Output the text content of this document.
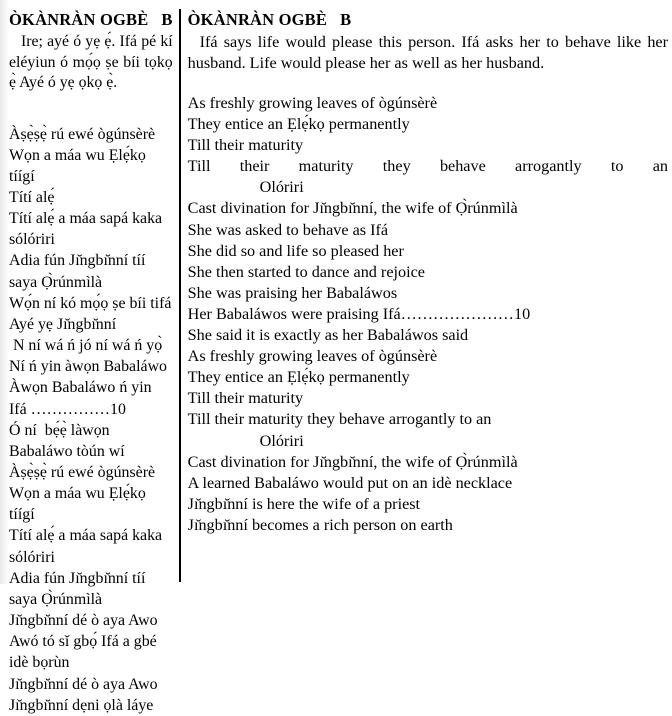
ÒKÀNRÀN OGBÈ   B

Ire; ayé ó yẹ ẹ́. Ifá pé kí eléyiun ó mọ́ọ ṣe bíi tọkọ ẹ̀ Ayé ó yẹ ọkọ ẹ̀.

Àṣẹ̀ṣẹ̀ rú ewé ògúnsèrè
Wọn a máa wu Ẹlẹ́kọ tíígí
Títí alẹ́
Títí alẹ́ a máa sapá kaka sólóriri
Adia fún Jı̆ngbı̆nní tíí saya Ọ̀rúnmìlà
Wọ́n ní kó mọ́ọ ṣe bíi tifá
Ayé yẹ Jı̆ngbı̆nní
N ní wá ń jó ní wá ń yọ̀
Ní ń yin àwọn Babaláwo
Àwọn Babaláwo ń yin Ifá ……………10
Ó ní  bẹ́ẹ̀ làwọn Babaláwo tòún wí
Àṣẹ̀ṣẹ̀ rú ewé ògúnsèrè
Wọn a máa wu Ẹlẹ́kọ tíígí
Títí alẹ́ a máa sapá kaka sólóriri
Adia fún Jı̆ngbı̆nní tíí saya Ọ̀rúnmìlà
Jı̆ngbı̆nní dé ò aya Awo
Awó tó sǐ gbọ́ Ifá a gbé idè bọrùn
Jı̆ngbı̆nní dé ò aya Awo
Jı̆ngbı̆nní dẹni ọlà láye
ÒKÀNRÀN OGBÈ   B

Ifá says life would please this person. Ifá asks her to behave like her husband. Life would please her as well as her husband.

As freshly growing leaves of ògúnsèrè
They entice an Ẹlẹ́kọ permanently
Till their maturity
Till their maturity they behave arrogantly to an
Olóriri
Cast divination for Jı̆ngbı̆nní, the wife of Ọ̀rúnmìlà
She was asked to behave as Ifá
She did so and life so pleased her
She then started to dance and rejoice
She was praising her Babaláwos
Her Babaláwos were praising Ifá…………………10
She said it is exactly as her Babaláwos said
As freshly growing leaves of ògúnsèrè
They entice an Ẹlẹ́kọ permanently
Till their maturity
Till their maturity they behave arrogantly to an
Olóriri
Cast divination for Jı̆ngbı̆nní, the wife of Ọ̀rúnmìlà
A learned Babaláwo would put on an idè necklace
Jı̆ngbı̆nní is here the wife of a priest
Jı̆ngbı̆nní becomes a rich person on earth
